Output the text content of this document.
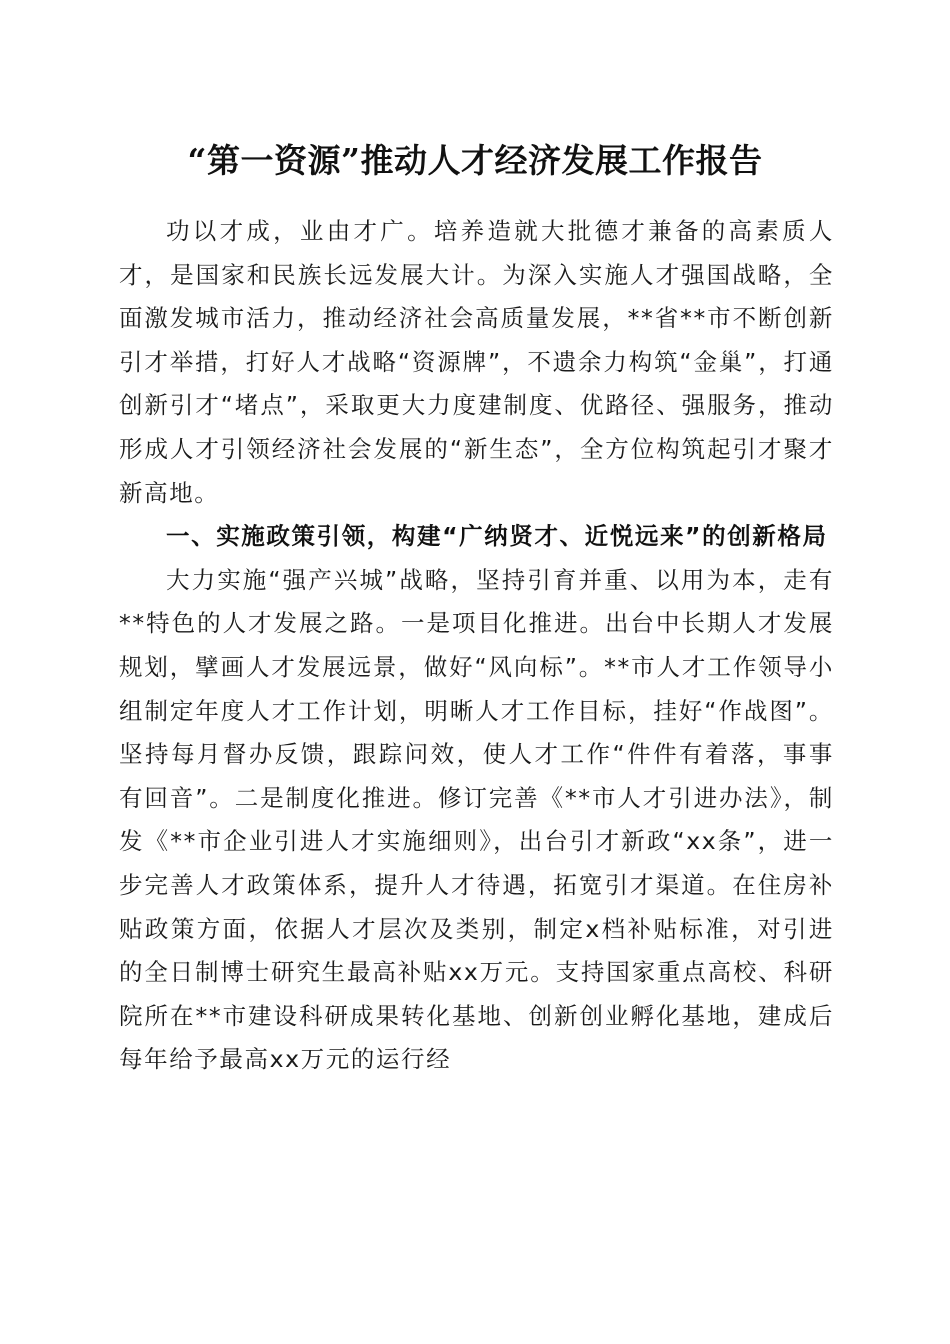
“第一资源”推动人才经济发展工作报告

功以才成，业由才广。培养造就大批德才兼备的高素质人才，是国家和民族长远发展大计。为深入实施人才强国战略，全面激发城市活力，推动经济社会高质量发展，**省**市不断创新引才举措，打好人才战略“资源牌”，不遗余力构筑“金巢”，打通创新引才“堵点”，采取更大力度建制度、优路径、强服务，推动形成人才引领经济社会发展的“新生态”，全方位构筑起引才聚才新高地。

一、实施政策引领，构建“广纳贤才、近悦远来”的创新格局

大力实施“强产兴城”战略，坚持引育并重、以用为本，走有**特色的人才发展之路。一是项目化推进。出台中长期人才发展规划，擘画人才发展远景，做好“风向标”。**市人才工作领导小组制定年度人才工作计划，明晰人才工作目标，挂好“作战图”。坚持每月督办反馈，跟踪问效，使人才工作“件件有着落，事事有回音”。二是制度化推进。修订完善《**市人才引进办法》，制发《**市企业引进人才实施细则》，出台引才新政“xx条”，进一步完善人才政策体系，提升人才待遇，拓宽引才渠道。在住房补贴政策方面，依据人才层次及类别，制定x档补贴标准，对引进的全日制博士研究生最高补贴xx万元。支持国家重点高校、科研院所在**市建设科研成果转化基地、创新创业孵化基地，建成后每年给予最高xx万元的运行经
